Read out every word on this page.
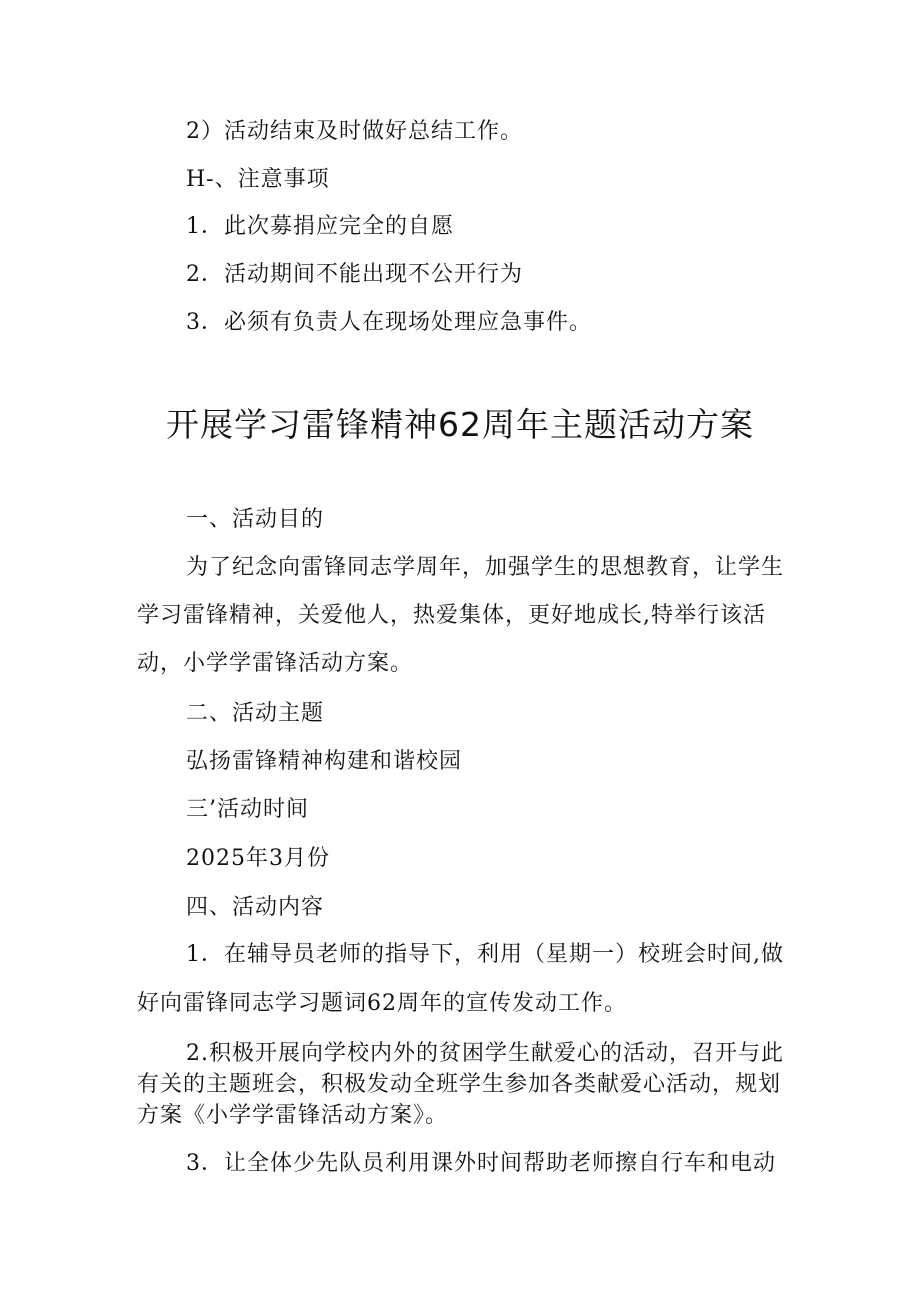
2）活动结束及时做好总结工作。
H-、注意事项
1．此次募捐应完全的自愿
2．活动期间不能出现不公开行为
3．必须有负责人在现场处理应急事件。
开展学习雷锋精神62周年主题活动方案
一、活动目的
为了纪念向雷锋同志学周年，加强学生的思想教育，让学生
学习雷锋精神，关爱他人，热爱集体，更好地成长,特举行该活
动，小学学雷锋活动方案。
二、活动主题
弘扬雷锋精神构建和谐校园
三’活动时间
2025年3月份
四、活动内容
1．在辅导员老师的指导下，利用（星期一）校班会时间,做
好向雷锋同志学习题词62周年的宣传发动工作。
2.积极开展向学校内外的贫困学生献爱心的活动，召开与此
有关的主题班会，积极发动全班学生参加各类献爱心活动，规划
方案《小学学雷锋活动方案》。
3．让全体少先队员利用课外时间帮助老师擦自行车和电动
